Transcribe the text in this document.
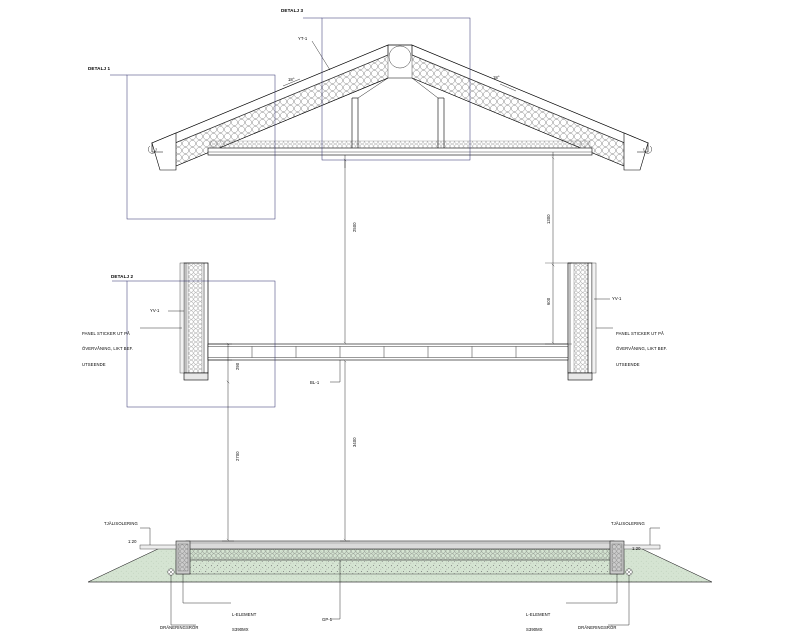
DETALJ 1
DETALJ 2
DETALJ 3
YT-1
YV-1
YV-1
BL-1
GP-1

PANEL STICKER UT PÅ

ÖVERVÅNING, LIKT BEF.

UTSEENDE

PANEL STICKER UT PÅ

ÖVERVÅNING, LIKT BEF.

UTSEENDE

TJÄLISOLERING	TJÄLISOLERING
1:20
1:20

L-ELEMENT

S390MX

L-ELEMENT

S390MX

DRÄNERINGSRÖR	DRÄNERINGSRÖR
2500
3400
1300
600
290
2700
18°	18°
